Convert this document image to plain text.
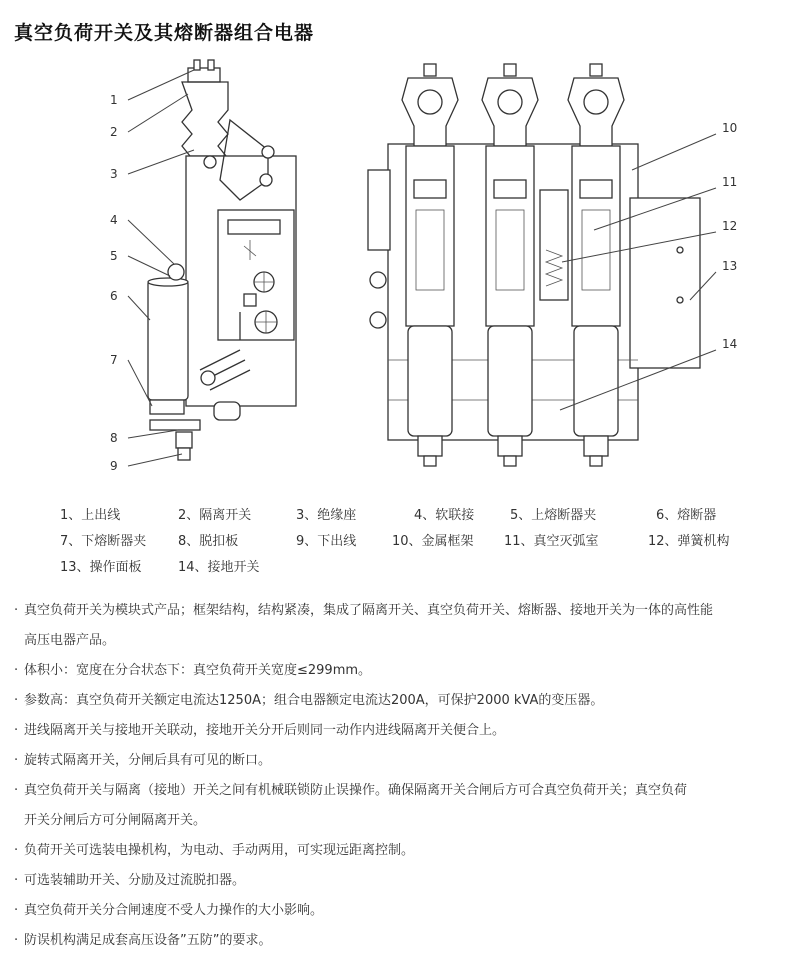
真空负荷开关及其熔断器组合电器
1
2
3
4
5
6
7
8
9
10
11
12
13
14
1、上出线	2、隔离开关	3、绝缘座	4、软联接	5、上熔断器夹	6、熔断器
7、下熔断器夹 8、脱扣板	9、下出线	10、金属框架 11、真空灭弧室	12、弹簧机构
13、操作面板	14、接地开关
· 真空负荷开关为模块式产品；框架结构，结构紧凑，集成了隔离开关、真空负荷开关、熔断器、接地开关为一体的高性能
高压电器产品。
· 体积小：宽度在分合状态下：真空负荷开关宽度≤299mm。
· 参数高：真空负荷开关额定电流达1250A；组合电器额定电流达200A，可保护2000 kVA的变压器。
· 进线隔离开关与接地开关联动，接地开关分开后则同一动作内进线隔离开关便合上。
· 旋转式隔离开关，分闸后具有可见的断口。
· 真空负荷开关与隔离（接地）开关之间有机械联锁防止误操作。确保隔离开关合闸后方可合真空负荷开关；真空负荷
开关分闸后方可分闸隔离开关。
· 负荷开关可选装电操机构，为电动、手动两用，可实现远距离控制。
· 可选装辅助开关、分励及过流脱扣器。
· 真空负荷开关分合闸速度不受人力操作的大小影响。
· 防误机构满足成套高压设备”五防”的要求。
